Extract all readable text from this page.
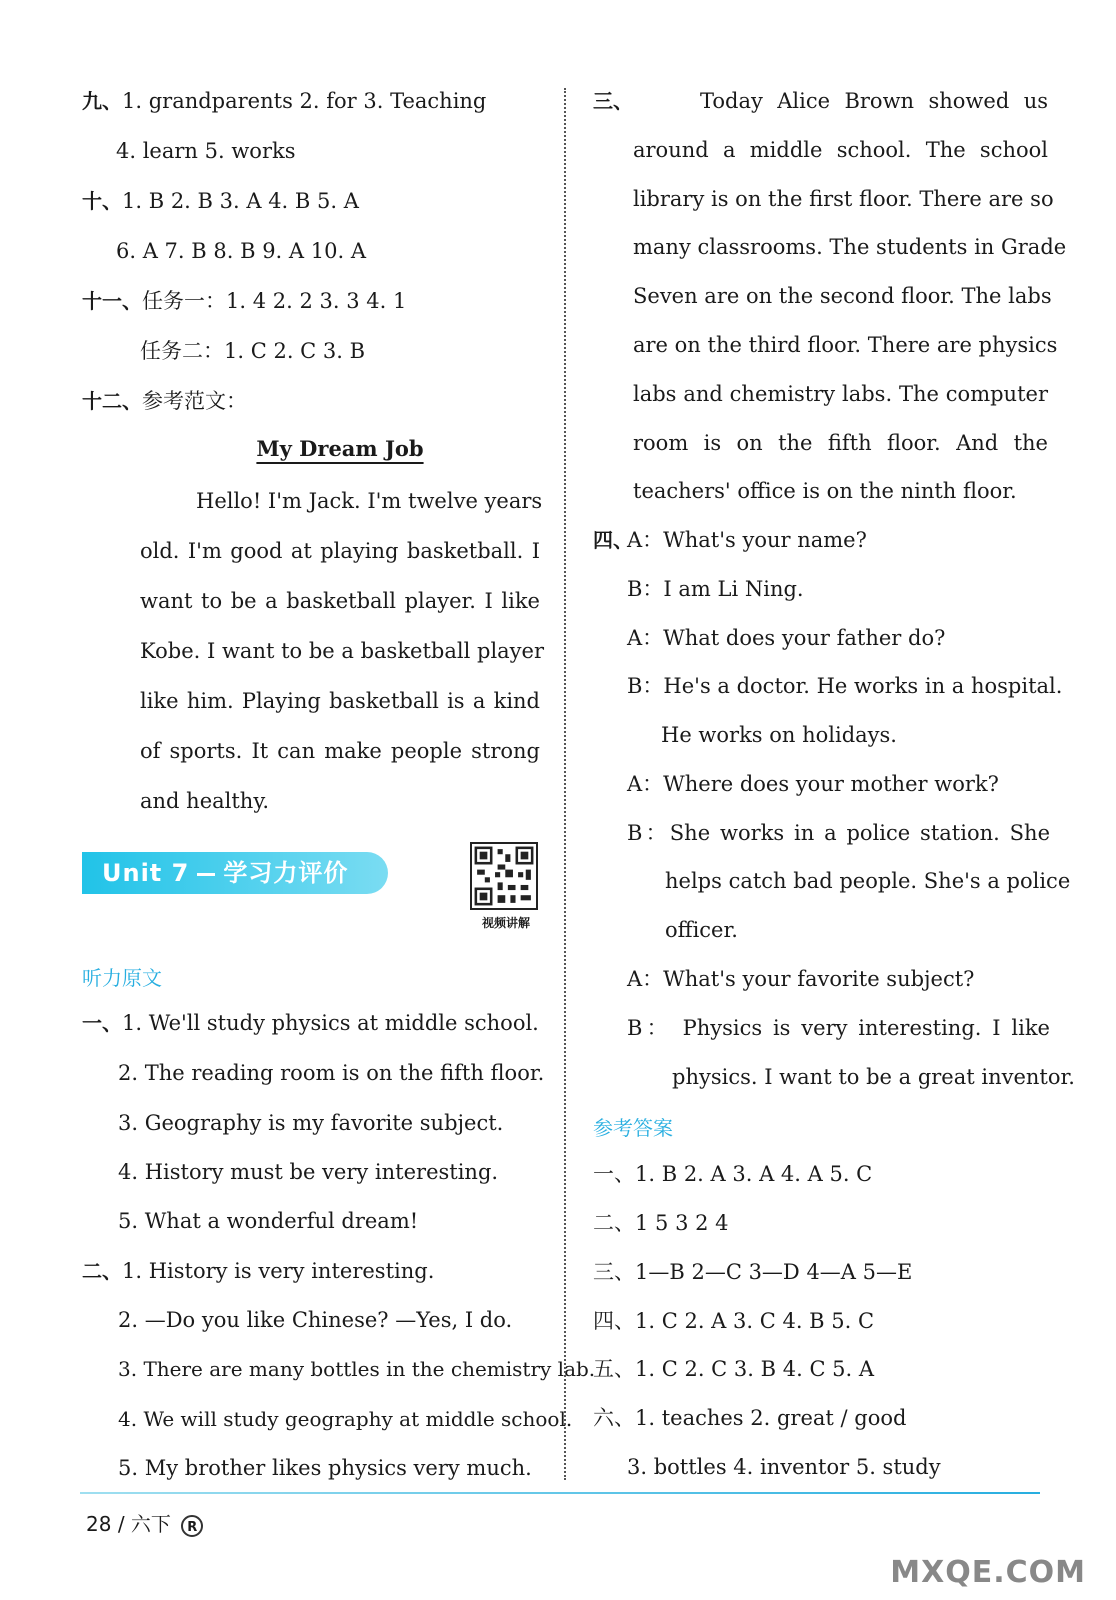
九、1. grandparents 2. for 3. Teaching
4. learn 5. works
十、1. B 2. B 3. A 4. B 5. A
6. A 7. B 8. B 9. A 10. A
十一、任务一：1. 4 2. 2 3. 3 4. 1
任务二：1. C 2. C 3. B
十二、参考范文：
My Dream Job
Hello! I'm Jack. I'm twelve years
old. I'm good at playing basketball. I
want to be a basketball player. I like
Kobe. I want to be a basketball player
like him. Playing basketball is a kind
of sports. It can make people strong
and healthy.
Unit 7 学习力评价
视频讲解
听力原文
一、1. We'll study physics at middle school.
2. The reading room is on the fifth floor.
3. Geography is my favorite subject.
4. History must be very interesting.
5. What a wonderful dream!
二、1. History is very interesting.
2. —Do you like Chinese? —Yes, I do.
3. There are many bottles in the chemistry lab.
4. We will study geography at middle school.
5. My brother likes physics very much.
三、	Today Alice Brown showed us
around a middle school. The school
library is on the first floor. There are so
many classrooms. The students in Grade
Seven are on the second floor. The labs
are on the third floor. There are physics
labs and chemistry labs. The computer
room is on the fifth floor. And the
teachers' office is on the ninth floor.
四、
A：What's your name?
B：I am Li Ning.
A：What does your father do?
B：He's a doctor. He works in a hospital.
He works on holidays.
A：Where does your mother work?
B：She works in a police station. She
helps catch bad people. She's a police
officer.
A：What's your favorite subject?
B： Physics is very interesting. I like
physics. I want to be a great inventor.
参考答案
一、1. B 2. A 3. A 4. A 5. C
二、1 5 3 2 4
三、1—B 2—C 3—D 4—A 5—E
四、1. C 2. A 3. C 4. B 5. C
五、1. C 2. C 3. B 4. C 5. A
六、1. teaches 2. great / good
3. bottles 4. inventor 5. study
28 / 六下 R
MXQE.COM
